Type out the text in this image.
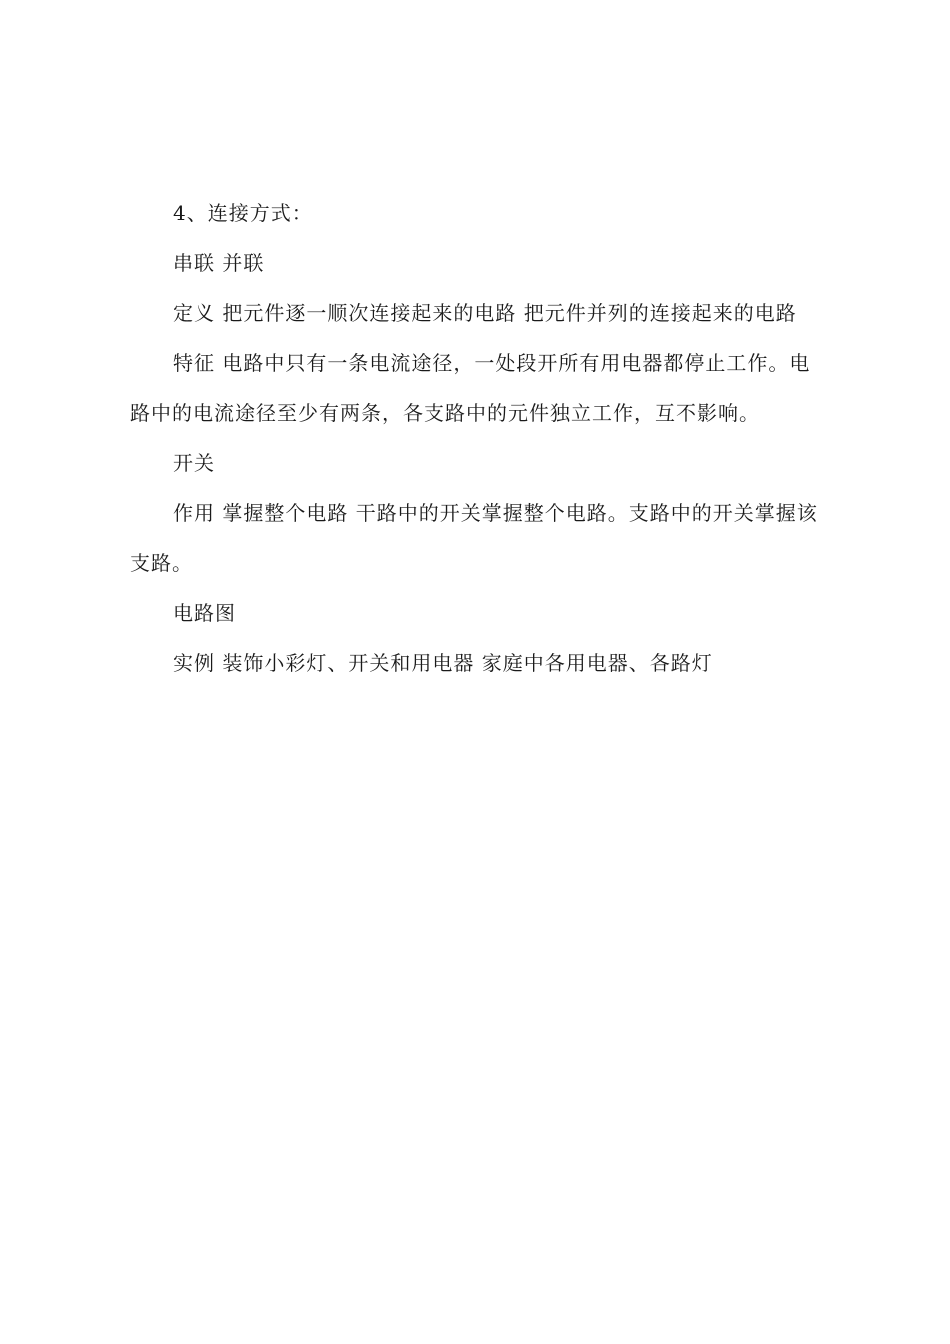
4、连接方式：

串联 并联

定义 把元件逐一顺次连接起来的电路 把元件并列的连接起来的电路

特征 电路中只有一条电流途径，一处段开所有用电器都停止工作。电路中的电流途径至少有两条，各支路中的元件独立工作，互不影响。

开关

作用 掌握整个电路 干路中的开关掌握整个电路。支路中的开关掌握该支路。

电路图

实例 装饰小彩灯、开关和用电器 家庭中各用电器、各路灯
